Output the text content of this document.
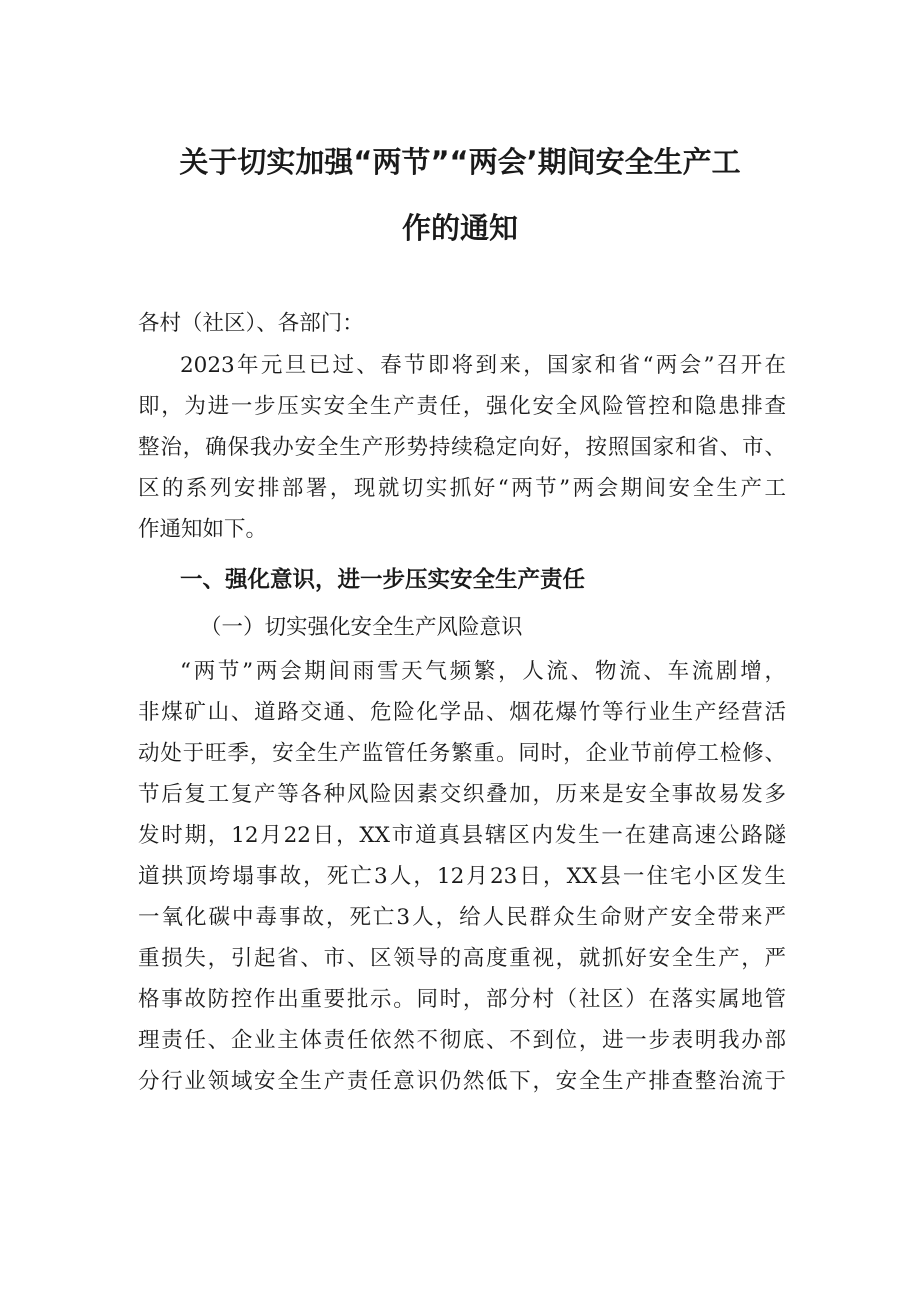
关于切实加强“两节”“两会’期间安全生产工
作的通知
各村（社区）、各部门：
2023年元旦已过、春节即将到来，国家和省“两会”召开在
即，为进一步压实安全生产责任，强化安全风险管控和隐患排查
整治，确保我办安全生产形势持续稳定向好，按照国家和省、市、
区的系列安排部署，现就切实抓好“两节”两会期间安全生产工
作通知如下。
一、强化意识，进一步压实安全生产责任
（一）切实强化安全生产风险意识
“两节”两会期间雨雪天气频繁，人流、物流、车流剧增，
非煤矿山、道路交通、危险化学品、烟花爆竹等行业生产经营活
动处于旺季，安全生产监管任务繁重。同时，企业节前停工检修、
节后复工复产等各种风险因素交织叠加，历来是安全事故易发多
发时期，12月22日，XX市道真县辖区内发生一在建高速公路隧
道拱顶垮塌事故，死亡3人，12月23日，XX县一住宅小区发生
一氧化碳中毒事故，死亡3人，给人民群众生命财产安全带来严
重损失，引起省、市、区领导的高度重视，就抓好安全生产，严
格事故防控作出重要批示。同时，部分村（社区）在落实属地管
理责任、企业主体责任依然不彻底、不到位，进一步表明我办部
分行业领域安全生产责任意识仍然低下，安全生产排查整治流于
